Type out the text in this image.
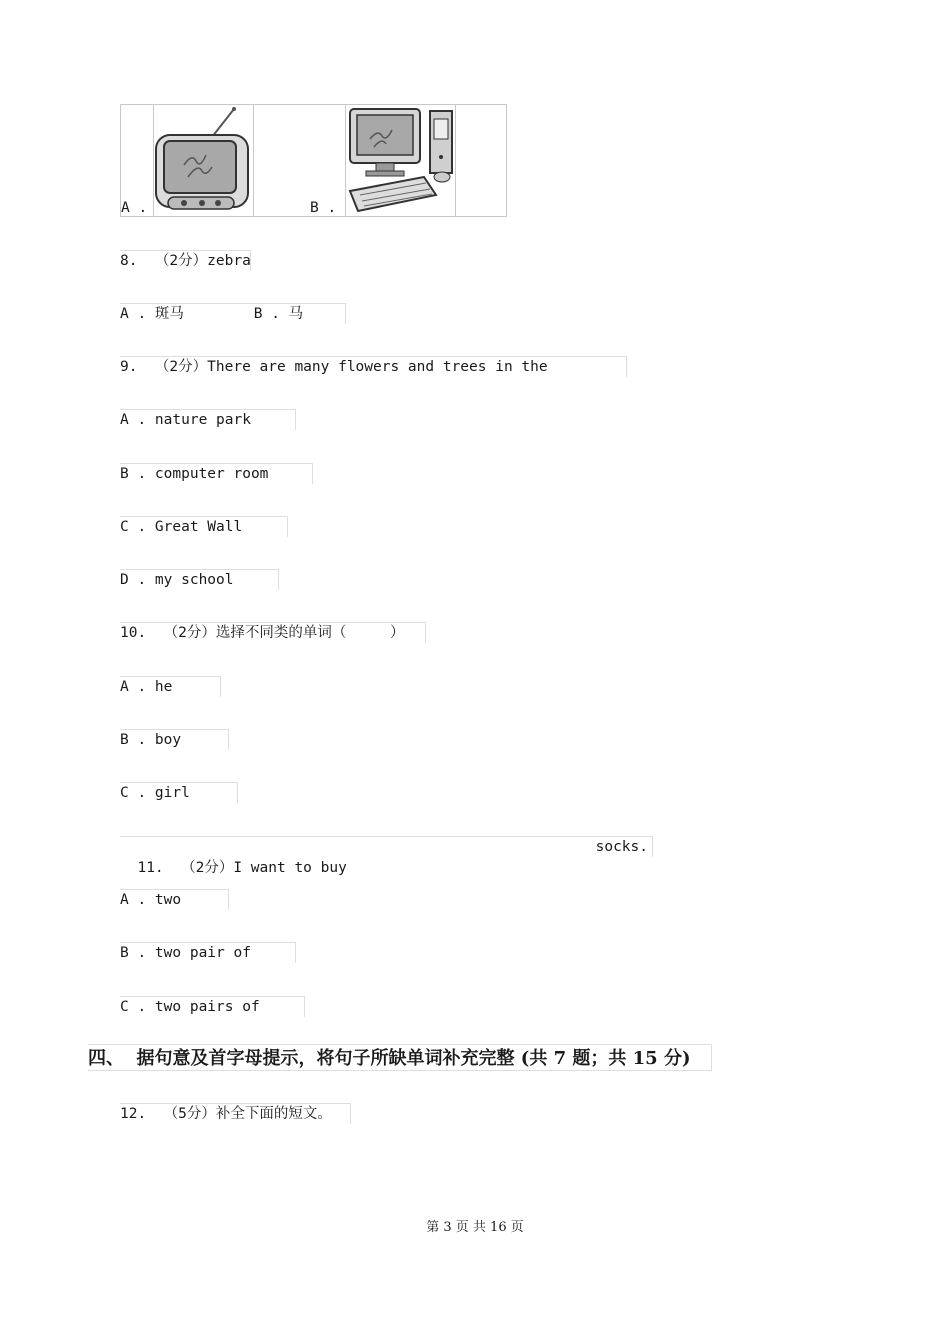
A .	B .
8.  （2分）zebra
A . 斑马        B . 马
9.  （2分）There are many flowers and trees in the
A . nature park
B . computer room
C . Great Wall
D . my school
10.  （2分）选择不同类的单词（     ）
A . he
B . boy
C . girl

11.  （2分）I want to buy

socks.

A . two
B . two pair of
C . two pairs of
四、  据句意及首字母提示，将句子所缺单词补充完整 (共 7 题；共 15 分)
12.  （5分）补全下面的短文。
第 3 页 共 16 页
